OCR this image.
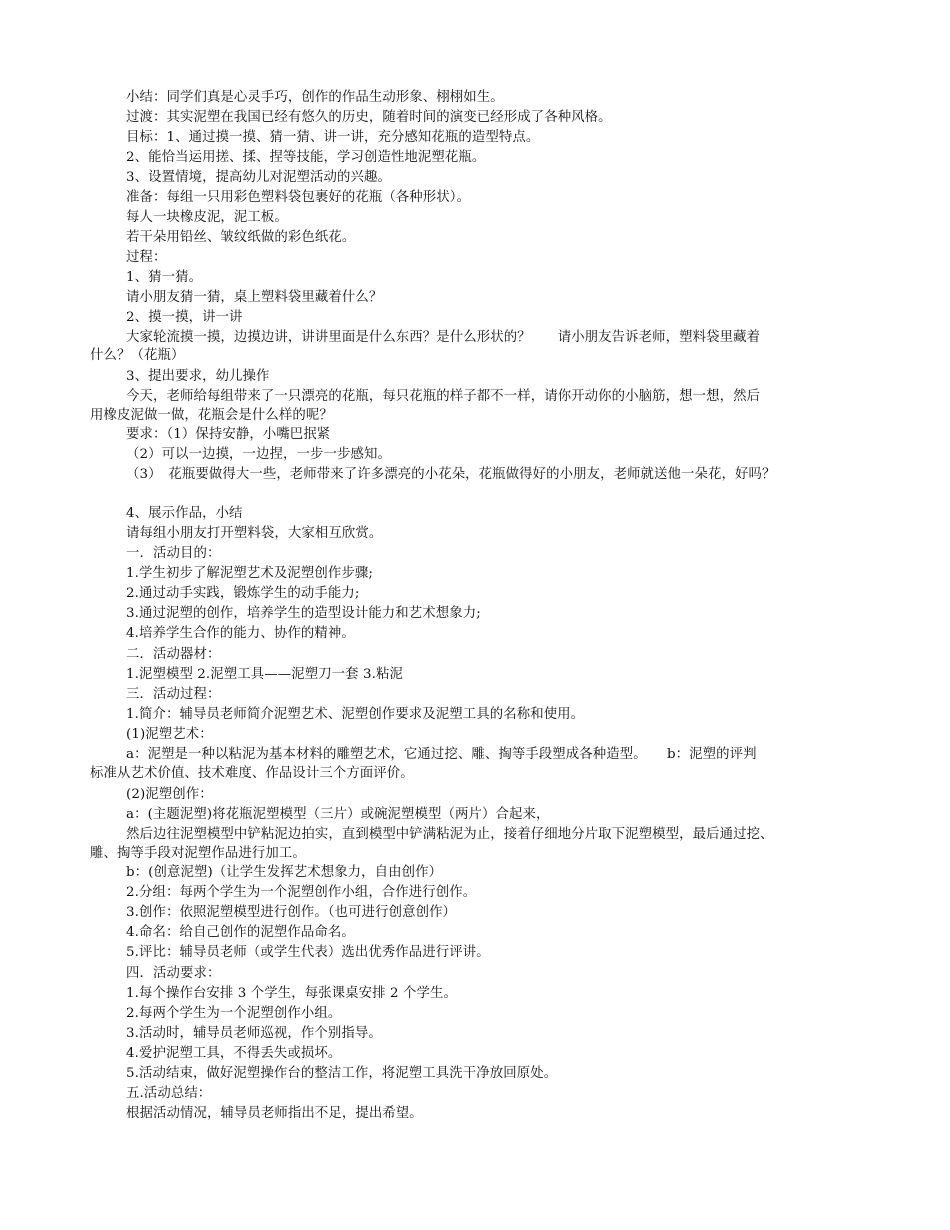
小结：同学们真是心灵手巧，创作的作品生动形象、栩栩如生。
过渡：其实泥塑在我国已经有悠久的历史，随着时间的演变已经形成了各种风格。
目标：1、通过摸一摸、猜一猜、讲一讲，充分感知花瓶的造型特点。
2、能恰当运用搓、揉、捏等技能，学习创造性地泥塑花瓶。
3、设置情境，提高幼儿对泥塑活动的兴趣。
准备：每组一只用彩色塑料袋包裹好的花瓶（各种形状）。
每人一块橡皮泥，泥工板。
若干朵用铅丝、皱纹纸做的彩色纸花。
过程：
1、猜一猜。
请小朋友猜一猜，桌上塑料袋里藏着什么？
2、摸一摸，讲一讲
大家轮流摸一摸，边摸边讲，讲讲里面是什么东西？是什么形状的？　　请小朋友告诉老师，塑料袋里藏着
什么？（花瓶）
3、提出要求，幼儿操作
今天，老师给每组带来了一只漂亮的花瓶，每只花瓶的样子都不一样，请你开动你的小脑筋，想一想，然后
用橡皮泥做一做，花瓶会是什么样的呢？
要求：（1）保持安静，小嘴巴抿紧
（2）可以一边摸，一边捏，一步一步感知。
（3）　花瓶要做得大一些，老师带来了许多漂亮的小花朵，花瓶做得好的小朋友，老师就送他一朵花，好吗？
4、展示作品，小结
请每组小朋友打开塑料袋，大家相互欣赏。
一．活动目的：
1.学生初步了解泥塑艺术及泥塑创作步骤;
2.通过动手实践，锻炼学生的动手能力;
3.通过泥塑的创作，培养学生的造型设计能力和艺术想象力;
4.培养学生合作的能力、协作的精神。
二．活动器材：
1.泥塑模型 2.泥塑工具——泥塑刀一套 3.粘泥
三．活动过程：
1.简介：辅导员老师简介泥塑艺术、泥塑创作要求及泥塑工具的名称和使用。
(1)泥塑艺术：
a：泥塑是一种以粘泥为基本材料的雕塑艺术，它通过挖、雕、掏等手段塑成各种造型。　　b：泥塑的评判
标准从艺术价值、技术难度、作品设计三个方面评价。
(2)泥塑创作：
a：(主题泥塑)将花瓶泥塑模型（三片）或碗泥塑模型（两片）合起来，
然后边往泥塑模型中铲粘泥边拍实，直到模型中铲满粘泥为止，接着仔细地分片取下泥塑模型，最后通过挖、
雕、掏等手段对泥塑作品进行加工。
b：(创意泥塑)（让学生发挥艺术想象力，自由创作）
2.分组：每两个学生为一个泥塑创作小组，合作进行创作。
3.创作：依照泥塑模型进行创作。（也可进行创意创作）
4.命名：给自己创作的泥塑作品命名。
5.评比：辅导员老师（或学生代表）选出优秀作品进行评讲。
四．活动要求：
1.每个操作台安排 3 个学生，每张课桌安排 2 个学生。
2.每两个学生为一个泥塑创作小组。
3.活动时，辅导员老师巡视，作个别指导。
4.爱护泥塑工具，不得丢失或损坏。
5.活动结束，做好泥塑操作台的整洁工作，将泥塑工具洗干净放回原处。
五.活动总结：
根据活动情况，辅导员老师指出不足，提出希望。
